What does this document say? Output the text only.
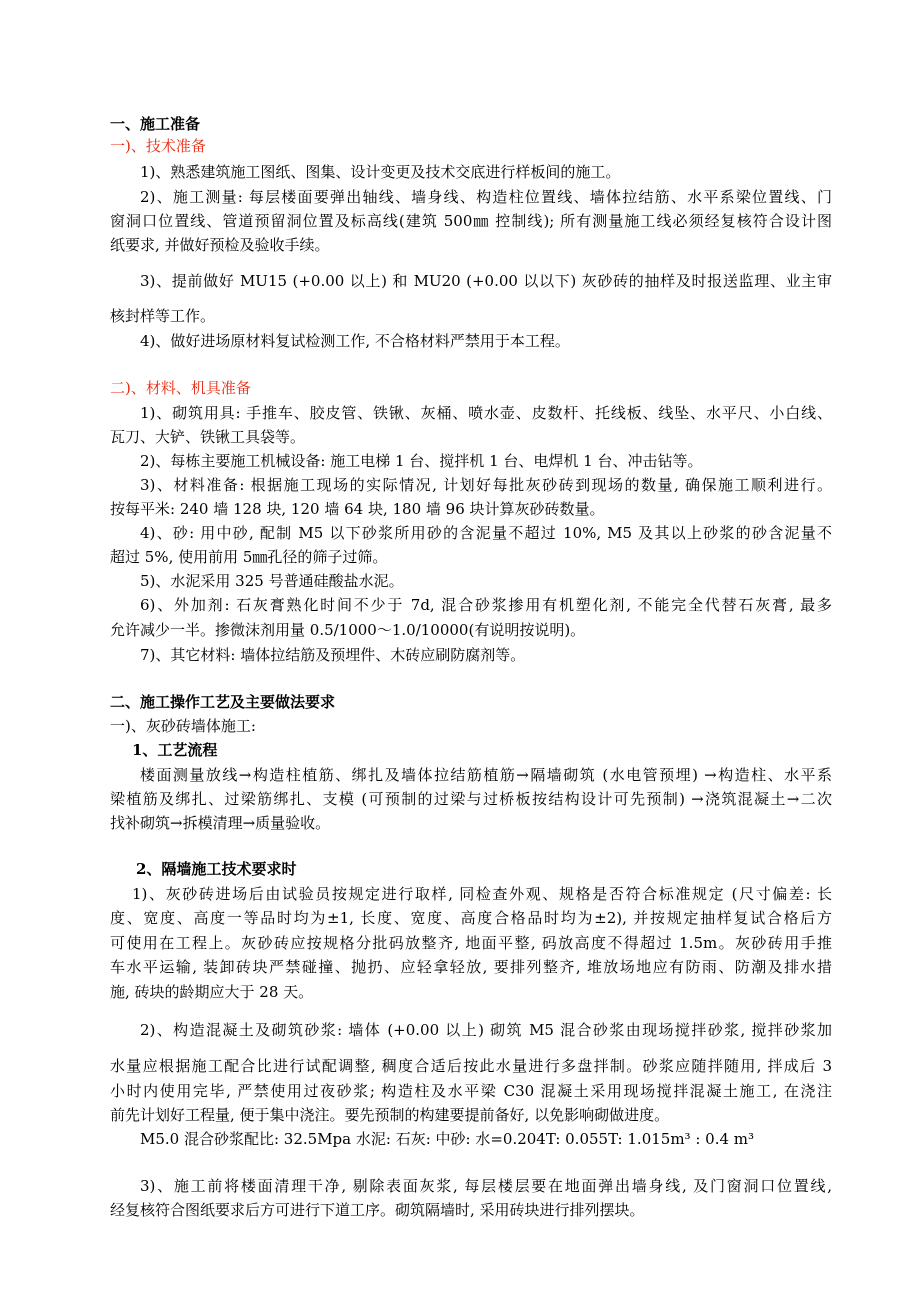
一、施工准备
一)、技术准备
1)、熟悉建筑施工图纸、图集、设计变更及技术交底进行样板间的施工。
2)、施工测量: 每层楼面要弹出轴线、墙身线、构造柱位置线、墙体拉结筋、水平系梁位置线、门
窗洞口位置线、管道预留洞位置及标高线(建筑 500㎜ 控制线); 所有测量施工线必须经复核符合设计图
纸要求, 并做好预检及验收手续。
3)、提前做好 MU15 (+0.00 以上) 和 MU20 (+0.00 以以下) 灰砂砖的抽样及时报送监理、业主审
核封样等工作。
4)、做好进场原材料复试检测工作, 不合格材料严禁用于本工程。
二)、材料、机具准备
1)、砌筑用具: 手推车、胶皮管、铁锹、灰桶、喷水壶、皮数杆、托线板、线坠、水平尺、小白线、
瓦刀、大铲、铁锹工具袋等。
2)、每栋主要施工机械设备: 施工电梯 1 台、搅拌机 1 台、电焊机 1 台、冲击钻等。
3)、材料准备: 根据施工现场的实际情况, 计划好每批灰砂砖到现场的数量, 确保施工顺利进行。
按每平米: 240 墙 128 块, 120 墙 64 块, 180 墙 96 块计算灰砂砖数量。
4)、砂: 用中砂, 配制 M5 以下砂浆所用砂的含泥量不超过 10%, M5 及其以上砂浆的砂含泥量不
超过 5%, 使用前用 5㎜孔径的筛子过筛。
5)、水泥采用 325 号普通硅酸盐水泥。
6)、外加剂: 石灰膏熟化时间不少于 7d, 混合砂浆掺用有机塑化剂, 不能完全代替石灰膏, 最多
允许减少一半。掺微沫剂用量 0.5/1000～1.0/10000(有说明按说明)。
7)、其它材料: 墙体拉结筋及预埋件、木砖应刷防腐剂等。
二、施工操作工艺及主要做法要求
一)、灰砂砖墙体施工:
1、工艺流程
楼面测量放线→构造柱植筋、绑扎及墙体拉结筋植筋→隔墙砌筑 (水电管预埋) →构造柱、水平系
梁植筋及绑扎、过梁筋绑扎、支模 (可预制的过梁与过桥板按结构设计可先预制) →浇筑混凝土→二次
找补砌筑→拆模清理→质量验收。
2、隔墙施工技术要求时
1)、灰砂砖进场后由试验员按规定进行取样, 同检查外观、规格是否符合标准规定 (尺寸偏差: 长
度、宽度、高度一等品时均为±1, 长度、宽度、高度合格品时均为±2), 并按规定抽样复试合格后方
可使用在工程上。灰砂砖应按规格分批码放整齐, 地面平整, 码放高度不得超过 1.5m。灰砂砖用手推
车水平运输, 装卸砖块严禁碰撞、抛扔、应轻拿轻放, 要排列整齐, 堆放场地应有防雨、防潮及排水措
施, 砖块的龄期应大于 28 天。
2)、构造混凝土及砌筑砂浆: 墙体 (+0.00 以上) 砌筑 M5 混合砂浆由现场搅拌砂浆, 搅拌砂浆加
水量应根据施工配合比进行试配调整, 稠度合适后按此水量进行多盘拌制。砂浆应随拌随用, 拌成后 3
小时内使用完毕, 严禁使用过夜砂浆; 构造柱及水平梁 C30 混凝土采用现场搅拌混凝土施工, 在浇注
前先计划好工程量, 便于集中浇注。要先预制的构建要提前备好, 以免影响砌做进度。
M5.0 混合砂浆配比: 32.5Mpa 水泥: 石灰: 中砂: 水=0.204T: 0.055T: 1.015m³ : 0.4 m³
3)、施工前将楼面清理干净, 剔除表面灰浆, 每层楼层要在地面弹出墙身线, 及门窗洞口位置线,
经复核符合图纸要求后方可进行下道工序。砌筑隔墙时, 采用砖块进行排列摆块。
